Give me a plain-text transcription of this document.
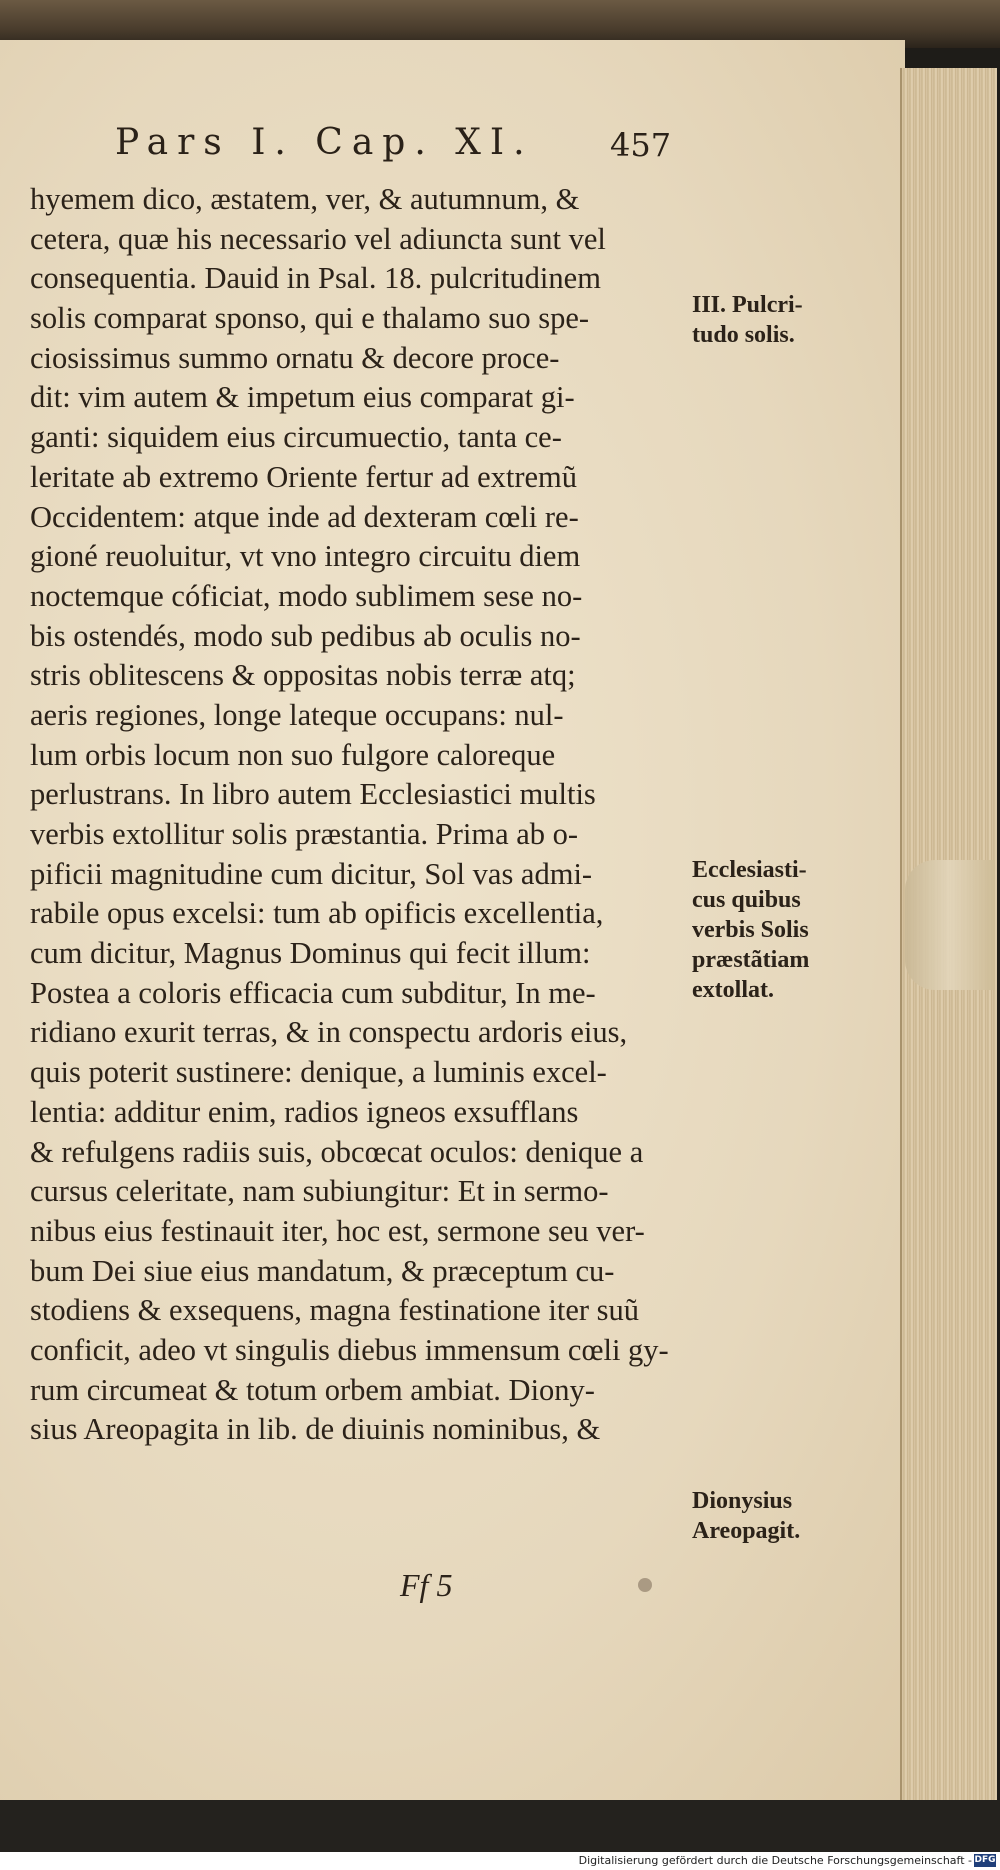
Pars I. Cap. XI. 457
hyemem dico, æstatem, ver, & autumnum, &
cetera, quæ his necessario vel adiuncta sunt vel
consequentia. Dauid in Psal. 18. pulcritudinem
solis comparat sponso, qui e thalamo suo spe-
ciosissimus summo ornatu & decore proce-
dit: vim autem & impetum eius comparat gi-
ganti: siquidem eius circumuectio, tanta ce-
leritate ab extremo Oriente fertur ad extremũ
Occidentem: atque inde ad dexteram cœli re-
gioné reuoluitur, vt vno integro circuitu diem
noctemque cóficiat, modo sublimem sese no-
bis ostendés, modo sub pedibus ab oculis no-
stris oblitescens & oppositas nobis terræ atq;
aeris regiones, longe lateque occupans: nul-
lum orbis locum non suo fulgore caloreque
perlustrans. In libro autem Ecclesiastici multis
verbis extollitur solis præstantia. Prima ab o-
pificii magnitudine cum dicitur, Sol vas admi-
rabile opus excelsi: tum ab opificis excellentia,
cum dicitur, Magnus Dominus qui fecit illum:
Postea a coloris efficacia cum subditur, In me-
ridiano exurit terras, & in conspectu ardoris eius,
quis poterit sustinere: denique, a luminis excel-
lentia: additur enim, radios igneos exsufflans
& refulgens radiis suis, obcœcat oculos: denique a
cursus celeritate, nam subiungitur: Et in sermo-
nibus eius festinauit iter, hoc est, sermone seu ver-
bum Dei siue eius mandatum, & præceptum cu-
stodiens & exsequens, magna festinatione iter suũ
conficit, adeo vt singulis diebus immensum cœli gy-
rum circumeat & totum orbem ambiat. Diony-
sius Areopagita in lib. de diuinis nominibus, &
III. Pulcri-
tudo solis.
Ecclesiasti-
cus quibus
verbis Solis
præstãtiam
extollat.
Dionysius
Areopagit.
Ff 5
Digitalisierung gefördert durch die Deutsche Forschungsgemeinschaft - DFG
